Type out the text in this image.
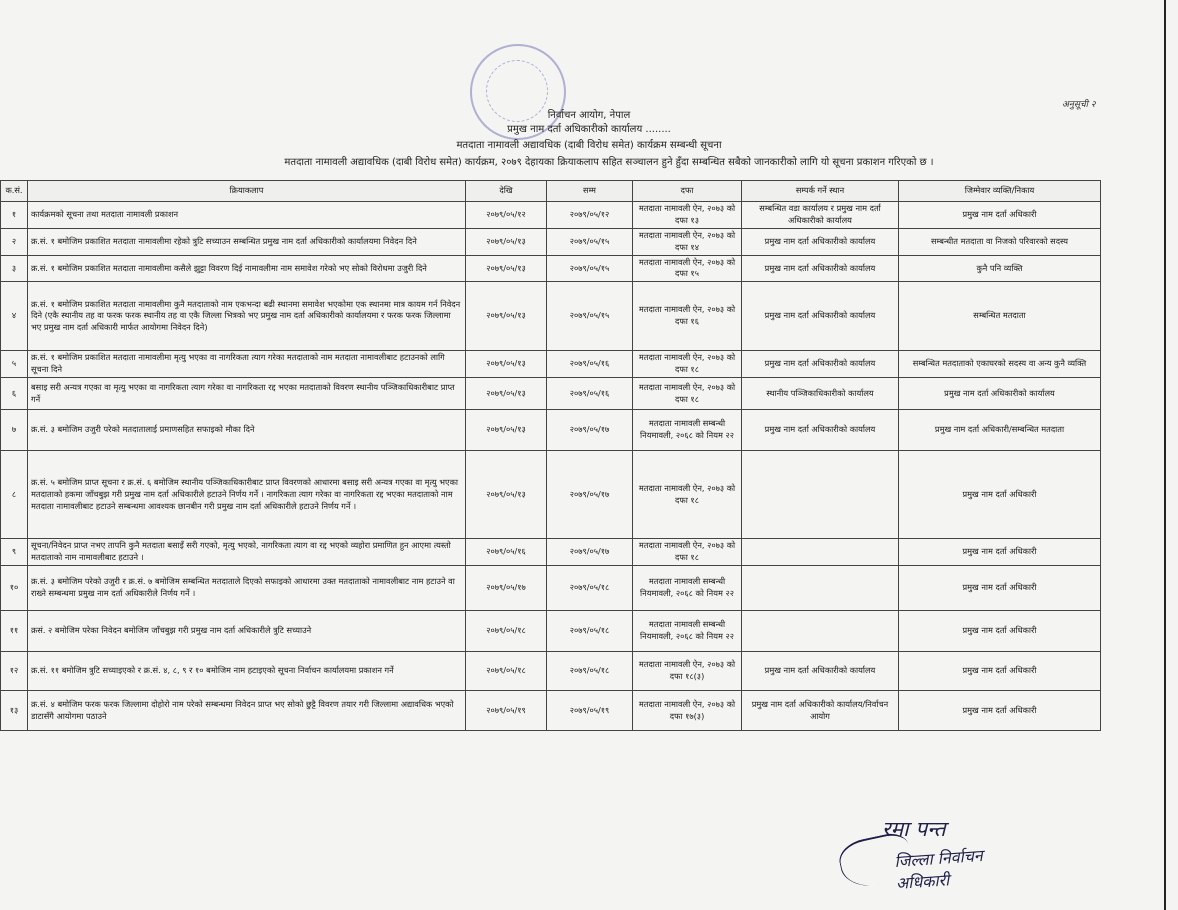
अनुसूची २
निर्वाचन आयोग, नेपाल
प्रमुख नाम दर्ता अधिकारीको कार्यालय ........
मतदाता नामावली अद्यावधिक (दाबी विरोध समेत) कार्यक्रम सम्बन्धी सूचना
मतदाता नामावली अद्यावधिक (दाबी विरोध समेत) कार्यक्रम, २०७९ देहायका क्रियाकलाप सहित सञ्चालन हुने हुँदा सम्बन्धित सबैको जानकारीको लागि यो सूचना प्रकाशन गरिएको छ ।
क.सं.	क्रियाकलाप	देखि	सम्म	दफा	सम्पर्क गर्ने स्थान	जिम्मेवार व्यक्ति/निकाय
१	कार्यक्रमको सूचना तथा मतदाता नामावली प्रकाशन	२०७९/०५/१२	२०७९/०५/१२	मतदाता नामावली ऐन, २०७३ को दफा १३	सम्बन्धित वडा कार्यालय र प्रमुख नाम दर्ता अधिकारीको कार्यालय	प्रमुख नाम दर्ता अधिकारी
२	क्र.सं. १ बमोजिम प्रकाशित मतदाता नामावलीमा रहेको त्रुटि सच्याउन सम्बन्धित प्रमुख नाम दर्ता अधिकारीको कार्यालयमा निवेदन दिने	२०७९/०५/१३	२०७९/०५/१५	मतदाता नामावली ऐन, २०७३ को दफा १४	प्रमुख नाम दर्ता अधिकारीको कार्यालय	सम्बन्धीत मतदाता वा निजको परिवारको सदस्य
३	क्र.सं. १ बमोजिम प्रकाशित मतदाता नामावलीमा कसैले झुट्टा विवरण दिई नामावलीमा नाम समावेश गरेको भए सोको विरोधमा उजुरी दिने	२०७९/०५/१३	२०७९/०५/१५	मतदाता नामावली ऐन, २०७३ को दफा १५	प्रमुख नाम दर्ता अधिकारीको कार्यालय	कुनै पनि व्यक्ति
४	क्र.सं. १ बमोजिम प्रकाशित मतदाता नामावलीमा कुनै मतदाताको नाम एकभन्दा बढी स्थानमा समावेश भएकोमा एक स्थानमा मात्र कायम गर्न निवेदन दिने (एकै स्थानीय तह वा फरक फरक स्थानीय तह वा एकै जिल्ला भित्रको भए प्रमुख नाम दर्ता अधिकारीको कार्यालयमा र फरक फरक जिल्लामा भए प्रमुख नाम दर्ता अधिकारी मार्फत आयोगमा निवेदन दिने)	२०७९/०५/१३	२०७९/०५/१५	मतदाता नामावली ऐन, २०७३ को दफा १६	प्रमुख नाम दर्ता अधिकारीको कार्यालय	सम्बन्धित मतदाता
५	क्र.सं. १ बमोजिम प्रकाशित मतदाता नामावलीमा मृत्यु भएका वा नागरिकता त्याग गरेका मतदाताको नाम मतदाता नामावलीबाट हटाउनको लागि सूचना दिने	२०७९/०५/१३	२०७९/०५/१६	मतदाता नामावली ऐन, २०७३ को दफा १८	प्रमुख नाम दर्ता अधिकारीको कार्यालय	सम्बन्धित मतदाताको एकाघरको सदस्य वा अन्य कुनै व्यक्ति
६	बसाइ सरी अन्यत्र गएका वा मृत्यु भएका वा नागरिकता त्याग गरेका वा नागरिकता रद्द भएका मतदाताको विवरण स्थानीय पञ्जिकाधिकारीबाट प्राप्त गर्ने	२०७९/०५/१३	२०७९/०५/१६	मतदाता नामावली ऐन, २०७३ को दफा १८	स्थानीय पञ्जिकाधिकारीको कार्यालय	प्रमुख नाम दर्ता अधिकारीको कार्यालय
७	क्र.सं. ३ बमोजिम उजुरी परेको मतदातालाई प्रमाणसहित सफाइको मौका दिने	२०७९/०५/१३	२०७९/०५/१७	मतदाता नामावली सम्बन्धी नियमावली, २०६८ को नियम २२	प्रमुख नाम दर्ता अधिकारीको कार्यालय	प्रमुख नाम दर्ता अधिकारी/सम्बन्धित मतदाता
८	क्र.सं. ५ बमोजिम प्राप्त सूचना र क्र.सं. ६ बमोजिम स्थानीय पञ्जिकाधिकारीबाट प्राप्त विवरणको आधारमा बसाइ सरी अन्यत्र गएका वा मृत्यु भएका मतदाताको हकमा जाँचबुझ गरी प्रमुख नाम दर्ता अधिकारीले हटाउने निर्णय गर्ने । नागरिकता त्याग गरेका वा नागरिकता रद्द भएका मतदाताको नाम मतदाता नामावलीबाट हटाउने सम्बन्धमा आवश्यक छानबीन गरी प्रमुख नाम दर्ता अधिकारीले हटाउने निर्णय गर्ने ।	२०७९/०५/१३	२०७९/०५/१७	मतदाता नामावली ऐन, २०७३ को दफा १८		प्रमुख नाम दर्ता अधिकारी
९	सूचना/निवेदन प्राप्त नभए तापनि कुनै मतदाता बसाइँ सरी गएको, मृत्यु भएको, नागरिकता त्याग वा रद्द भएको व्यहोरा प्रमाणित हुन आएमा त्यस्तो मतदाताको नाम नामावलीबाट हटाउने ।	२०७९/०५/१६	२०७९/०५/१७	मतदाता नामावली ऐन, २०७३ को दफा १८		प्रमुख नाम दर्ता अधिकारी
१०	क्र.सं. ३ बमोजिम परेको उजुरी र क्र.सं. ७ बमोजिम सम्बन्धित मतदाताले दिएको सफाइको आधारमा उक्त मतदाताको नामावलीबाट नाम हटाउने वा राख्ने सम्बन्धमा प्रमुख नाम दर्ता अधिकारीले निर्णय गर्ने ।	२०७९/०५/१७	२०७९/०५/१८	मतदाता नामावली सम्बन्धी नियमावली, २०६८ को नियम २२		प्रमुख नाम दर्ता अधिकारी
११	क्रसं. २ बमोजिम परेका निवेदन बमोजिम जाँचबुझ गरी प्रमुख नाम दर्ता अधिकारीले त्रुटि सच्याउने	२०७९/०५/१८	२०७९/०५/१८	मतदाता नामावली सम्बन्धी नियमावली, २०६८ को नियम २२		प्रमुख नाम दर्ता अधिकारी
१२	क्र.सं. ११ बमोजिम त्रुटि सच्याइएको र क्र.सं. ४, ८, ९ र १० बमोजिम नाम हटाइएको सूचना निर्वाचन कार्यालयमा प्रकाशन गर्ने	२०७९/०५/१८	२०७९/०५/१८	मतदाता नामावली ऐन, २०७३ को दफा १८(३)	प्रमुख नाम दर्ता अधिकारीको कार्यालय	प्रमुख नाम दर्ता अधिकारी
१३	क्र.सं. ४ बमोजिम फरक फरक जिल्लामा दोहोरो नाम परेको सम्बन्धमा निवेदन प्राप्त भए सोको छुट्टै विवरण तयार गरी जिल्लामा अद्यावधिक भएको डाटासँगै आयोगमा पठाउने	२०७९/०५/१९	२०७९/०५/१९	मतदाता नामावली ऐन, २०७३ को दफा १७(३)	प्रमुख नाम दर्ता अधिकारीको कार्यालय/निर्वाचन आयोग	प्रमुख नाम दर्ता अधिकारी
रमा पन्त
जिल्ला निर्वाचन अधिकारी
